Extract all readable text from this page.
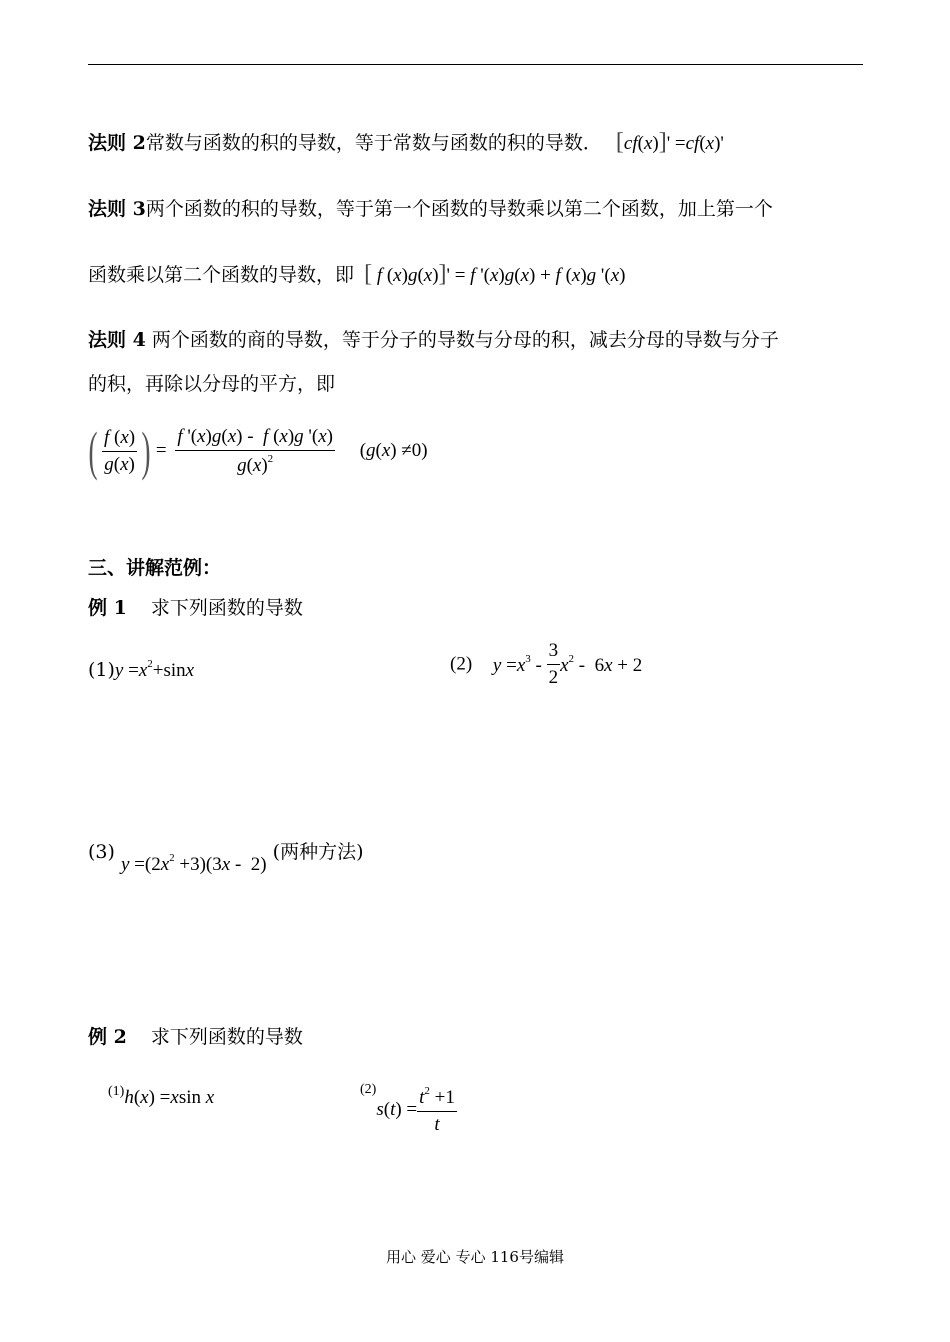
法则 2常数与函数的积的导数，等于常数与函数的积的导数． [cf(x)]' =cf(x)'
法则 3两个函数的积的导数，等于第一个函数的导数乘以第二个函数，加上第一个
函数乘以第二个函数的导数，即 [ f (x)g(x)]' = f '(x)g(x) + f (x)g '(x)
法则 4 两个函数的商的导数，等于分子的导数与分母的积，减去分母的导数与分子
的积，再除以分母的平方，即
( $\frac{f (x)}{g(x)}$ ) = $\frac{f '(x)g(x) - f (x)g '(x)}{g(x)^2} (g(x) \ne 0)$
三、讲解范例：
例 1 求下列函数的导数
$(1)y =x^2+\sin x$	(2) $y =x^3 - \frac{3}{2} x^2 - 6x + 2$
(3) $y =(2x^2 +3)(3x - 2)$ (两种方法)
例 2 求下列函数的导数
$^{(1)}$h(x) =xsin x	$^{(2)}s(t) = \frac{t^2 +1}{t}$
用心 爱心 专心 116号编辑
